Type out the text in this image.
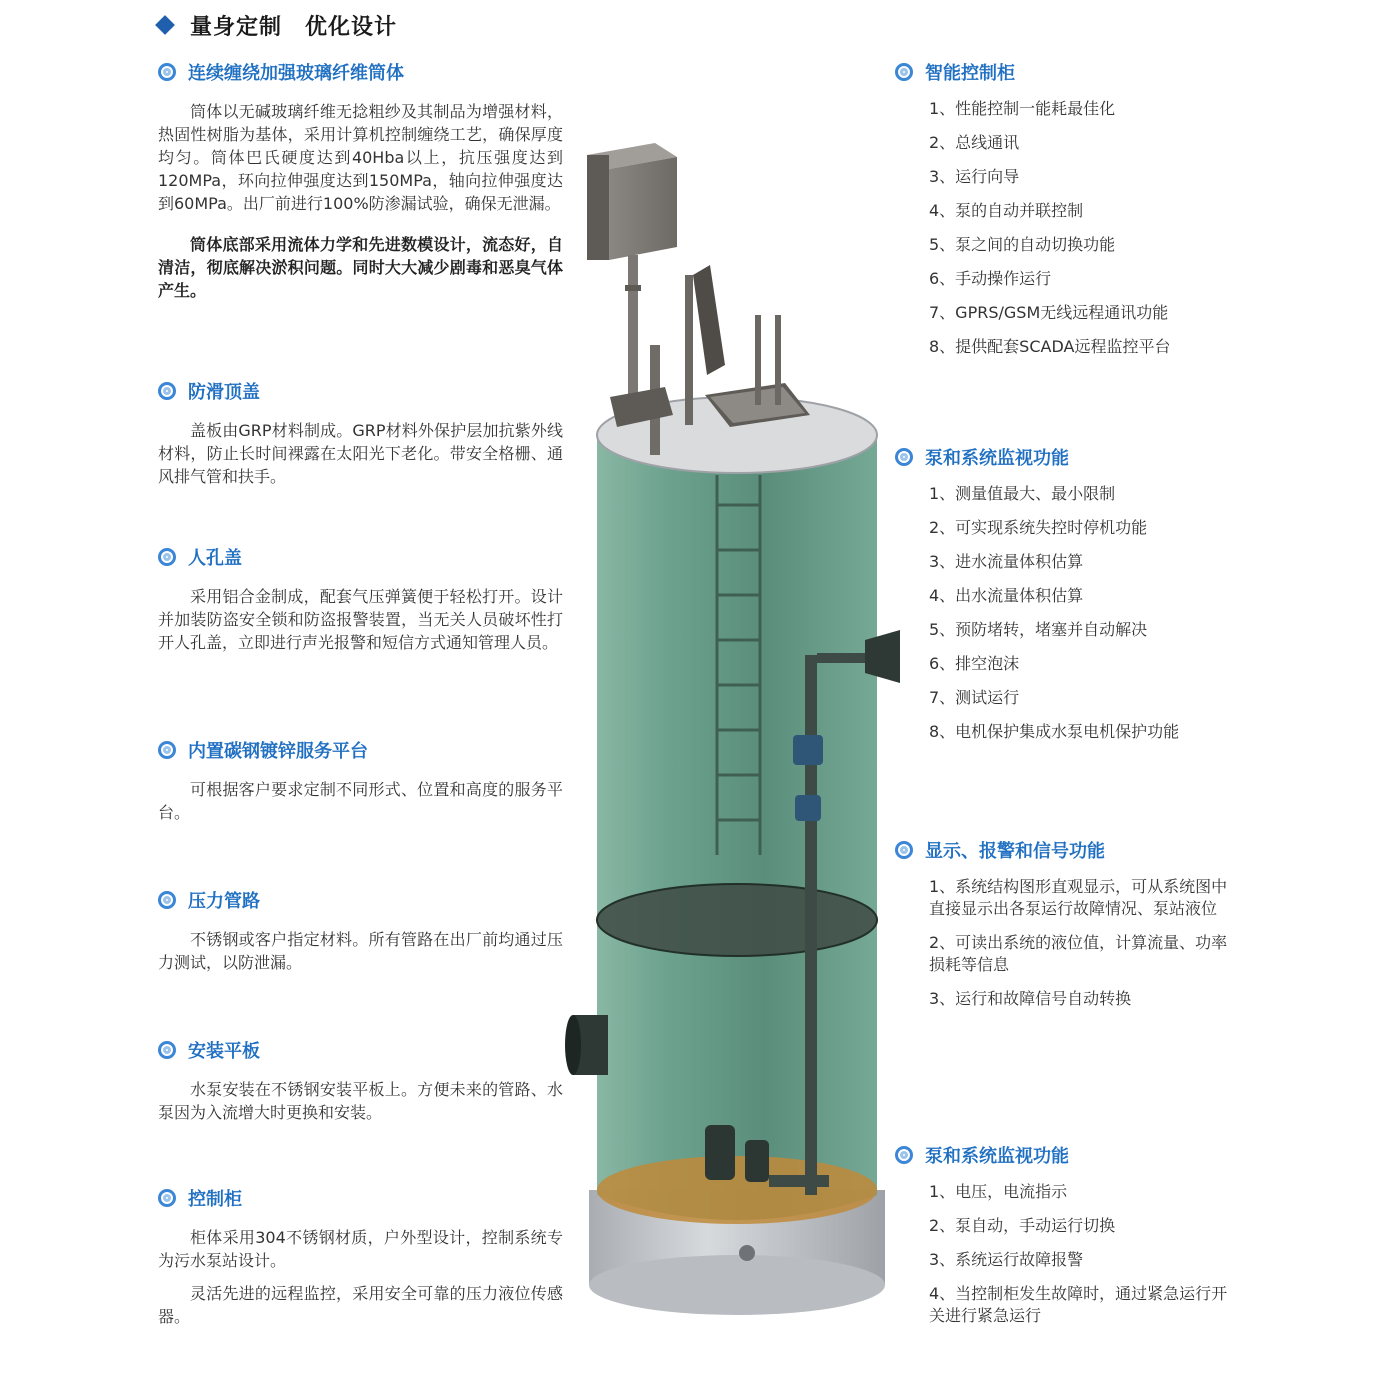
量身定制　优化设计
连续缠绕加强玻璃纤维筒体

筒体以无碱玻璃纤维无捻粗纱及其制品为增强材料，热固性树脂为基体，采用计算机控制缠绕工艺，确保厚度均匀。筒体巴氏硬度达到40Hba以上，抗压强度达到120MPa，环向拉伸强度达到150MPa，轴向拉伸强度达到60MPa。出厂前进行100%防渗漏试验，确保无泄漏。

筒体底部采用流体力学和先进数模设计，流态好，自清洁，彻底解决淤积问题。同时大大减少剧毒和恶臭气体产生。

防滑顶盖

盖板由GRP材料制成。GRP材料外保护层加抗紫外线材料，防止长时间裸露在太阳光下老化。带安全格栅、通风排气管和扶手。

人孔盖

采用铝合金制成，配套气压弹簧便于轻松打开。设计并加装防盗安全锁和防盗报警装置，当无关人员破坏性打开人孔盖，立即进行声光报警和短信方式通知管理人员。

内置碳钢镀锌服务平台

可根据客户要求定制不同形式、位置和高度的服务平台。

压力管路

不锈钢或客户指定材料。所有管路在出厂前均通过压力测试，以防泄漏。

安装平板

水泵安装在不锈钢安装平板上。方便未来的管路、水泵因为入流增大时更换和安装。

控制柜

柜体采用304不锈钢材质，户外型设计，控制系统专为污水泵站设计。

灵活先进的远程监控，采用安全可靠的压力液位传感器。

智能控制柜
1、性能控制一能耗最佳化
2、总线通讯
3、运行向导
4、泵的自动并联控制
5、泵之间的自动切换功能
6、手动操作运行
7、GPRS/GSM无线远程通讯功能
8、提供配套SCADA远程监控平台
泵和系统监视功能
1、测量值最大、最小限制
2、可实现系统失控时停机功能
3、进水流量体积估算
4、出水流量体积估算
5、预防堵转，堵塞并自动解决
6、排空泡沫
7、测试运行
8、电机保护集成水泵电机保护功能
显示、报警和信号功能
1、系统结构图形直观显示，可从系统图中直接显示出各泵运行故障情况、泵站液位
2、可读出系统的液位值，计算流量、功率损耗等信息
3、运行和故障信号自动转换
泵和系统监视功能
1、电压，电流指示
2、泵自动，手动运行切换
3、系统运行故障报警
4、当控制柜发生故障时，通过紧急运行开关进行紧急运行
